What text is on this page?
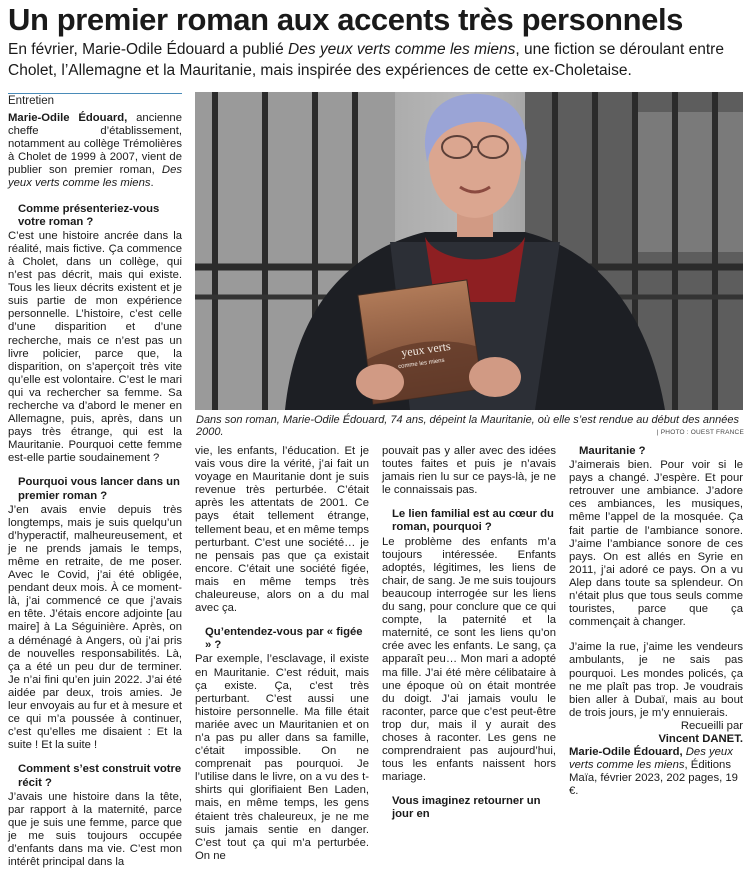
Un premier roman aux accents très personnels
En février, Marie-Odile Édouard a publié Des yeux verts comme les miens, une fiction se déroulant entre Cholet, l’Allemagne et la Mauritanie, mais inspirée des expériences de cette ex-Choletaise.
Entretien

Marie-Odile Édouard, ancienne cheffe d’établissement, notamment au collège Trémolières à Cholet de 1999 à 2007, vient de publier son premier roman, Des yeux verts comme les miens.

Comme présenteriez-vous votre roman ?

C’est une histoire ancrée dans la réalité, mais fictive. Ça commence à Cholet, dans un collège, qui n’est pas décrit, mais qui existe. Tous les lieux décrits existent et je suis partie de mon expérience personnelle. L’histoire, c’est celle d’une disparition et d’une recherche, mais ce n’est pas un livre policier, parce que, la disparition, on s’aperçoit très vite qu’elle est volontaire. C’est le mari qui va rechercher sa femme. Sa recherche va d’abord le mener en Allemagne, puis, après, dans un pays très étrange, qui est la Mauritanie. Pourquoi cette femme est-elle partie soudainement ?

Pourquoi vous lancer dans un premier roman ?

J’en avais envie depuis très longtemps, mais je suis quelqu’un d’hyperactif, malheureusement, et je ne prends jamais le temps, même en retraite, de me poser. Avec le Covid, j’ai été obligée, pendant deux mois. À ce moment-là, j’ai commencé ce que j’avais en tête. J’étais encore adjointe [au maire] à La Séguinière. Après, on a déménagé à Angers, où j’ai pris de nouvelles responsabilités. Là, ça a été un peu dur de terminer. Je n’ai fini qu’en juin 2022. J’ai été aidée par deux, trois amies. Je leur envoyais au fur et à mesure et ce qui m’a poussée à continuer, c’est qu’elles me disaient : Et la suite ! Et la suite !

Comment s’est construit votre récit ?

J’avais une histoire dans la tête, par rapport à la maternité, parce que je suis une femme, parce que je me suis toujours occupée d’enfants dans ma vie. C’est mon intérêt principal dans la

yeux verts
comme les miens
Dans son roman, Marie-Odile Édouard, 74 ans, dépeint la Mauritanie, où elle s’est rendue au début des années 2000.	| PHOTO : OUEST FRANCE

vie, les enfants, l’éducation. Et je vais vous dire la vérité, j’ai fait un voyage en Mauritanie dont je suis revenue très perturbée. C’était après les attentats de 2001. Ce pays était tellement étrange, tellement beau, et en même temps perturbant. C’est une société… je ne pensais pas que ça existait encore. C’était une société figée, mais en même temps très chaleureuse, alors on a du mal avec ça.

Qu’entendez-vous par « figée » ?

Par exemple, l’esclavage, il existe en Mauritanie. C’est réduit, mais ça existe. Ça, c’est très perturbant. C’est aussi une histoire personnelle. Ma fille était mariée avec un Mauritanien et on n’a pas pu aller dans sa famille, c’était impossible. On ne comprenait pas pourquoi. Je l’utilise dans le livre, on a vu des t-shirts qui glorifiaient Ben Laden, mais, en même temps, les gens étaient très chaleureux, je ne me suis jamais sentie en danger. C’est tout ça qui m’a perturbée. On ne

pouvait pas y aller avec des idées toutes faites et puis je n’avais jamais rien lu sur ce pays-là, je ne le connaissais pas.

Le lien familial est au cœur du roman, pourquoi ?

Le problème des enfants m’a toujours intéressée. Enfants adoptés, légitimes, les liens de chair, de sang. Je me suis toujours beaucoup interrogée sur les liens du sang, pour conclure que ce qui compte, la paternité et la maternité, ce sont les liens qu’on crée avec les enfants. Le sang, ça apparaît peu… Mon mari a adopté ma fille. J’ai été mère célibataire à une époque où on était montrée du doigt. J’ai jamais voulu le raconter, parce que c’est peut-être trop dur, mais il y aurait des choses à raconter. Les gens ne comprendraient pas aujourd’hui, tous les enfants naissent hors mariage.

Vous imaginez retourner un jour en

Mauritanie ?

J’aimerais bien. Pour voir si le pays a changé. J’espère. Et pour retrouver une ambiance. J’adore ces ambiances, les musiques, même l’appel de la mosquée. Ça fait partie de l’ambiance sonore. J’aime l’ambiance sonore de ces pays. On est allés en Syrie en 2011, j’ai adoré ce pays. On a vu Alep dans toute sa splendeur. On n’était plus que tous seuls comme touristes, parce que ça commençait à changer.

J’aime la rue, j’aime les vendeurs ambulants, je ne sais pas pourquoi. Les mondes policés, ça ne me plaît pas trop. Je voudrais bien aller à Dubaï, mais au bout de trois jours, je m’y ennuierais.

Recueilli par

Vincent DANET.

Marie-Odile Édouard, Des yeux verts comme les miens, Éditions Maïa, février 2023, 202 pages, 19 €.
